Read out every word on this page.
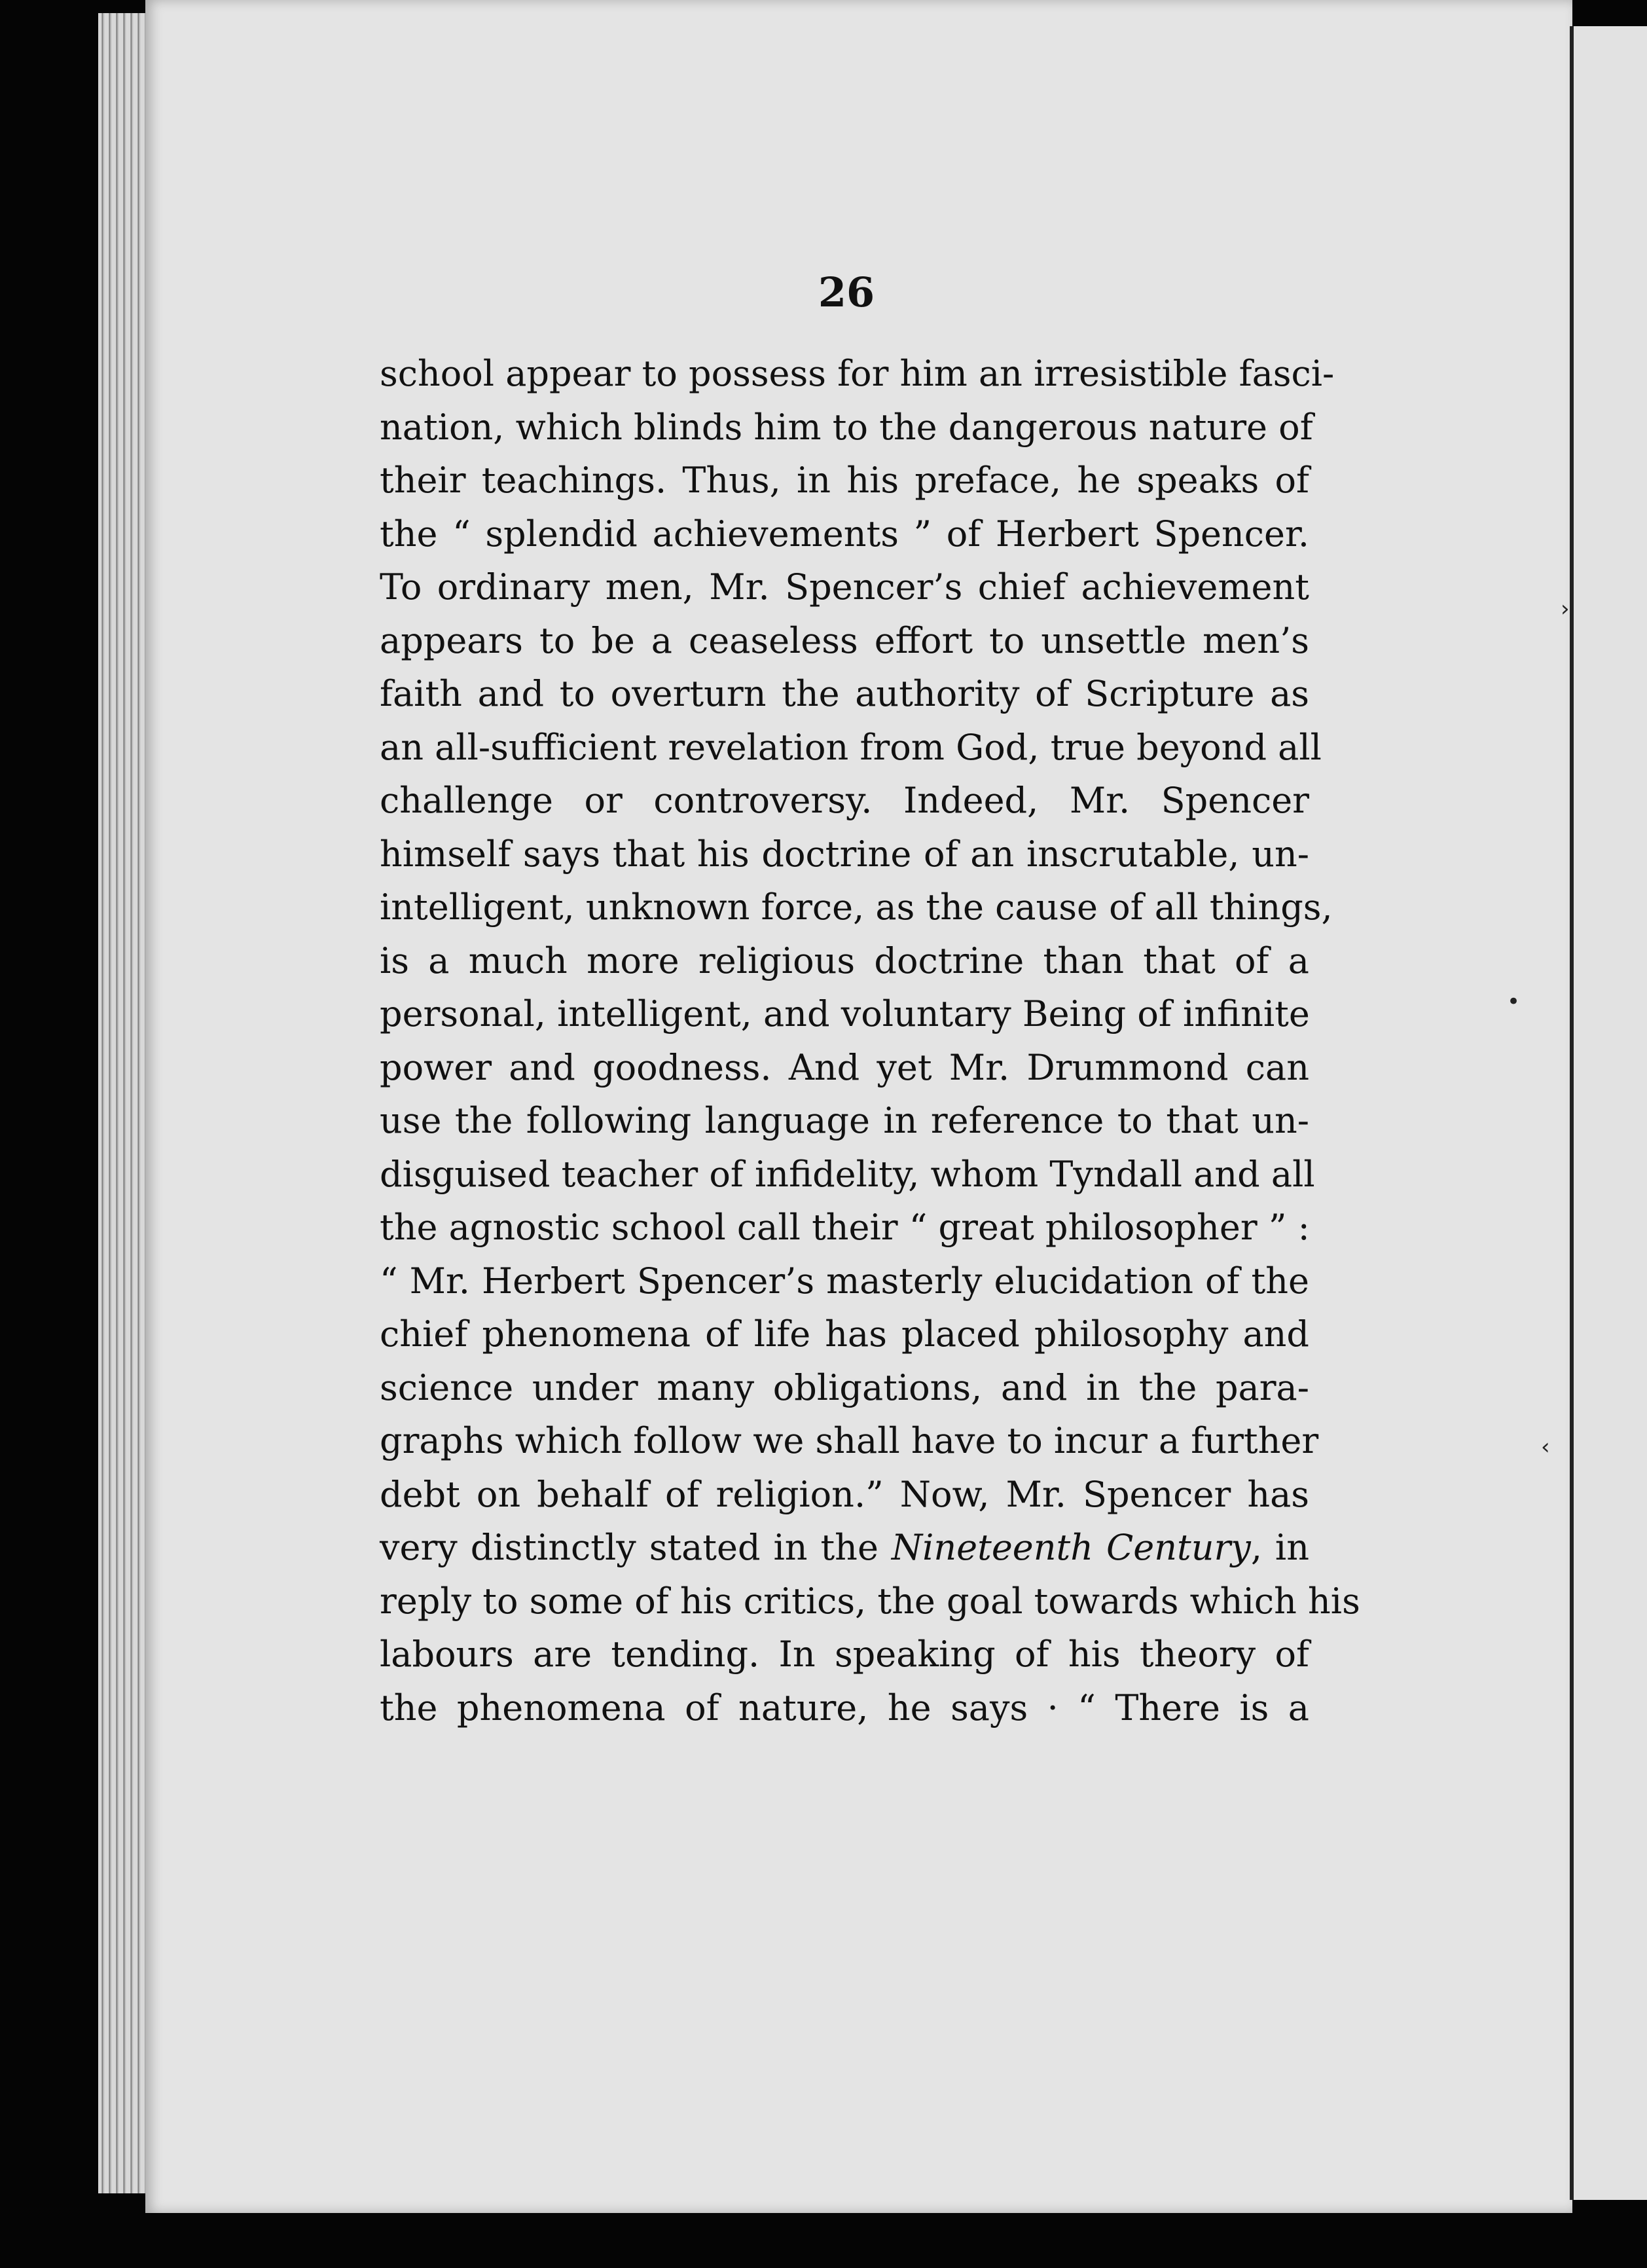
›
•
‹
26
school appear to possess for him an irresistible fasci-
nation, which blinds him to the dangerous nature of
their teachings. Thus, in his preface, he speaks of
the “ splendid achievements ” of Herbert Spencer.
To ordinary men, Mr. Spencer’s chief achievement
appears to be a ceaseless effort to unsettle men’s
faith and to overturn the authority of Scripture as
an all-sufficient revelation from God, true beyond all
challenge or controversy. Indeed, Mr. Spencer
himself says that his doctrine of an inscrutable, un-
intelligent, unknown force, as the cause of all things,
is a much more religious doctrine than that of a
personal, intelligent, and voluntary Being of infinite
power and goodness. And yet Mr. Drummond can
use the following language in reference to that un-
disguised teacher of infidelity, whom Tyndall and all
the agnostic school call their “ great philosopher ” :
“ Mr. Herbert Spencer’s masterly elucidation of the
chief phenomena of life has placed philosophy and
science under many obligations, and in the para-
graphs which follow we shall have to incur a further
debt on behalf of religion.” Now, Mr. Spencer has
very distinctly stated in the Nineteenth Century, in
reply to some of his critics, the goal towards which his
labours are tending. In speaking of his theory of
the phenomena of nature, he says · “ There is a
